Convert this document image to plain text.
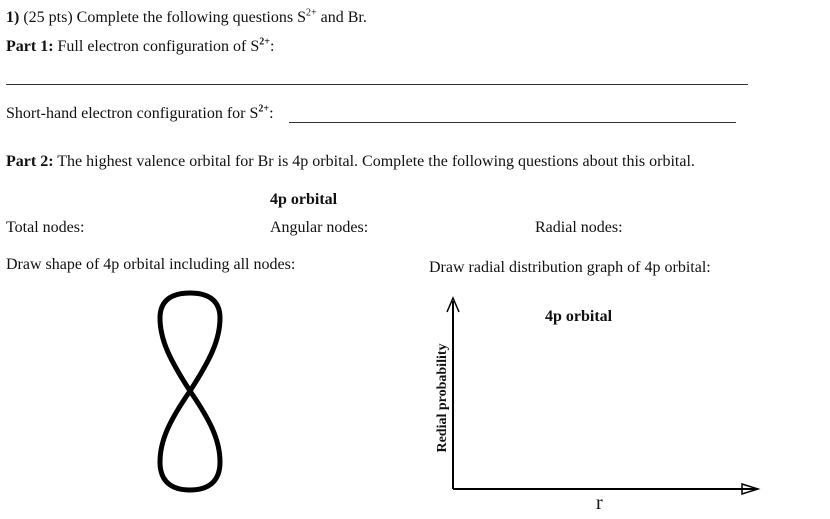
1) (25 pts) Complete the following questions $S^{2+}$ and Br.
Part 1: Full electron configuration of $S^{2+}$:
Short-hand electron configuration for $S^{2+}$:
Part 2: The highest valence orbital for Br is 4p orbital. Complete the following questions about this orbital.
4p orbital
Total nodes:	Angular nodes:	Radial nodes:
Draw shape of 4p orbital including all nodes:	Draw radial distribution graph of 4p orbital:
4p orbital
Redial probability
r
